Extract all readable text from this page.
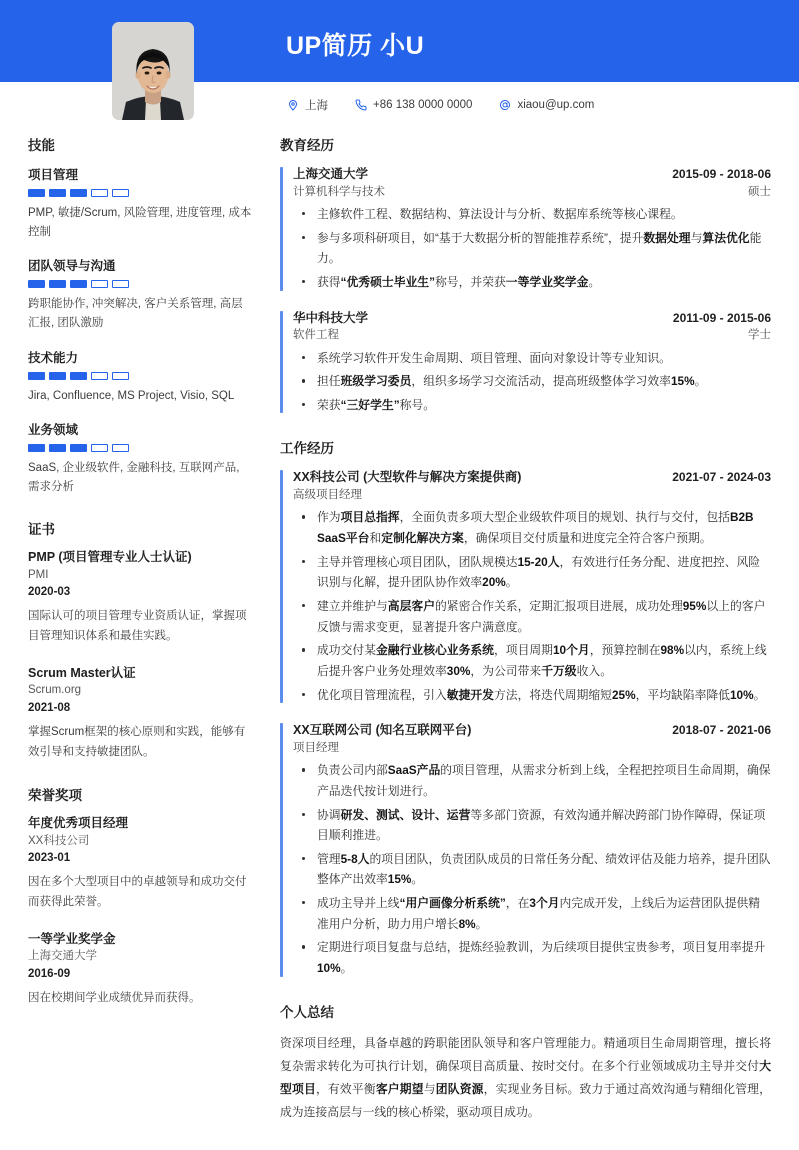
UP简历 小U
上海	+86 138 0000 0000	xiaou@up.com
技能
项目管理
PMP, 敏捷/Scrum, 风险管理, 进度管理, 成本控制
团队领导与沟通
跨职能协作, 冲突解决, 客户关系管理, 高层汇报, 团队激励
技术能力
Jira, Confluence, MS Project, Visio, SQL
业务领域
SaaS, 企业级软件, 金融科技, 互联网产品, 需求分析
证书
PMP (项目管理专业人士认证)
PMI
2020-03
国际认可的项目管理专业资质认证，掌握项目管理知识体系和最佳实践。
Scrum Master认证
Scrum.org
2021-08
掌握Scrum框架的核心原则和实践，能够有效引导和支持敏捷团队。
荣誉奖项
年度优秀项目经理
XX科技公司
2023-01
因在多个大型项目中的卓越领导和成功交付而获得此荣誉。
一等学业奖学金
上海交通大学
2016-09
因在校期间学业成绩优异而获得。
教育经历
上海交通大学	2015-09 - 2018-06
计算机科学与技术	硕士
主修软件工程、数据结构、算法设计与分析、数据库系统等核心课程。
参与多项科研项目，如“基于大数据分析的智能推荐系统”，提升数据处理与算法优化能力。
获得“优秀硕士毕业生”称号，并荣获一等学业奖学金。
华中科技大学	2011-09 - 2015-06
软件工程	学士
系统学习软件开发生命周期、项目管理、面向对象设计等专业知识。
担任班级学习委员，组织多场学习交流活动，提高班级整体学习效率15%。
荣获“三好学生”称号。
工作经历
XX科技公司 (大型软件与解决方案提供商)	2021-07 - 2024-03
高级项目经理
作为项目总指挥，全面负责多项大型企业级软件项目的规划、执行与交付，包括B2B SaaS平台和定制化解决方案，确保项目交付质量和进度完全符合客户预期。
主导并管理核心项目团队，团队规模达15-20人，有效进行任务分配、进度把控、风险识别与化解，提升团队协作效率20%。
建立并维护与高层客户的紧密合作关系，定期汇报项目进展，成功处理95%以上的客户反馈与需求变更，显著提升客户满意度。
成功交付某金融行业核心业务系统，项目周期10个月，预算控制在98%以内，系统上线后提升客户业务处理效率30%，为公司带来千万级收入。
优化项目管理流程，引入敏捷开发方法，将迭代周期缩短25%，平均缺陷率降低10%。
XX互联网公司 (知名互联网平台)	2018-07 - 2021-06
项目经理
负责公司内部SaaS产品的项目管理，从需求分析到上线，全程把控项目生命周期，确保产品迭代按计划进行。
协调研发、测试、设计、运营等多部门资源，有效沟通并解决跨部门协作障碍，保证项目顺利推进。
管理5-8人的项目团队，负责团队成员的日常任务分配、绩效评估及能力培养，提升团队整体产出效率15%。
成功主导并上线“用户画像分析系统”，在3个月内完成开发，上线后为运营团队提供精准用户分析，助力用户增长8%。
定期进行项目复盘与总结，提炼经验教训，为后续项目提供宝贵参考，项目复用率提升10%。
个人总结
资深项目经理，具备卓越的跨职能团队领导和客户管理能力。精通项目生命周期管理，擅长将复杂需求转化为可执行计划，确保项目高质量、按时交付。在多个行业领域成功主导并交付大型项目，有效平衡客户期望与团队资源，实现业务目标。致力于通过高效沟通与精细化管理，成为连接高层与一线的核心桥梁，驱动项目成功。
